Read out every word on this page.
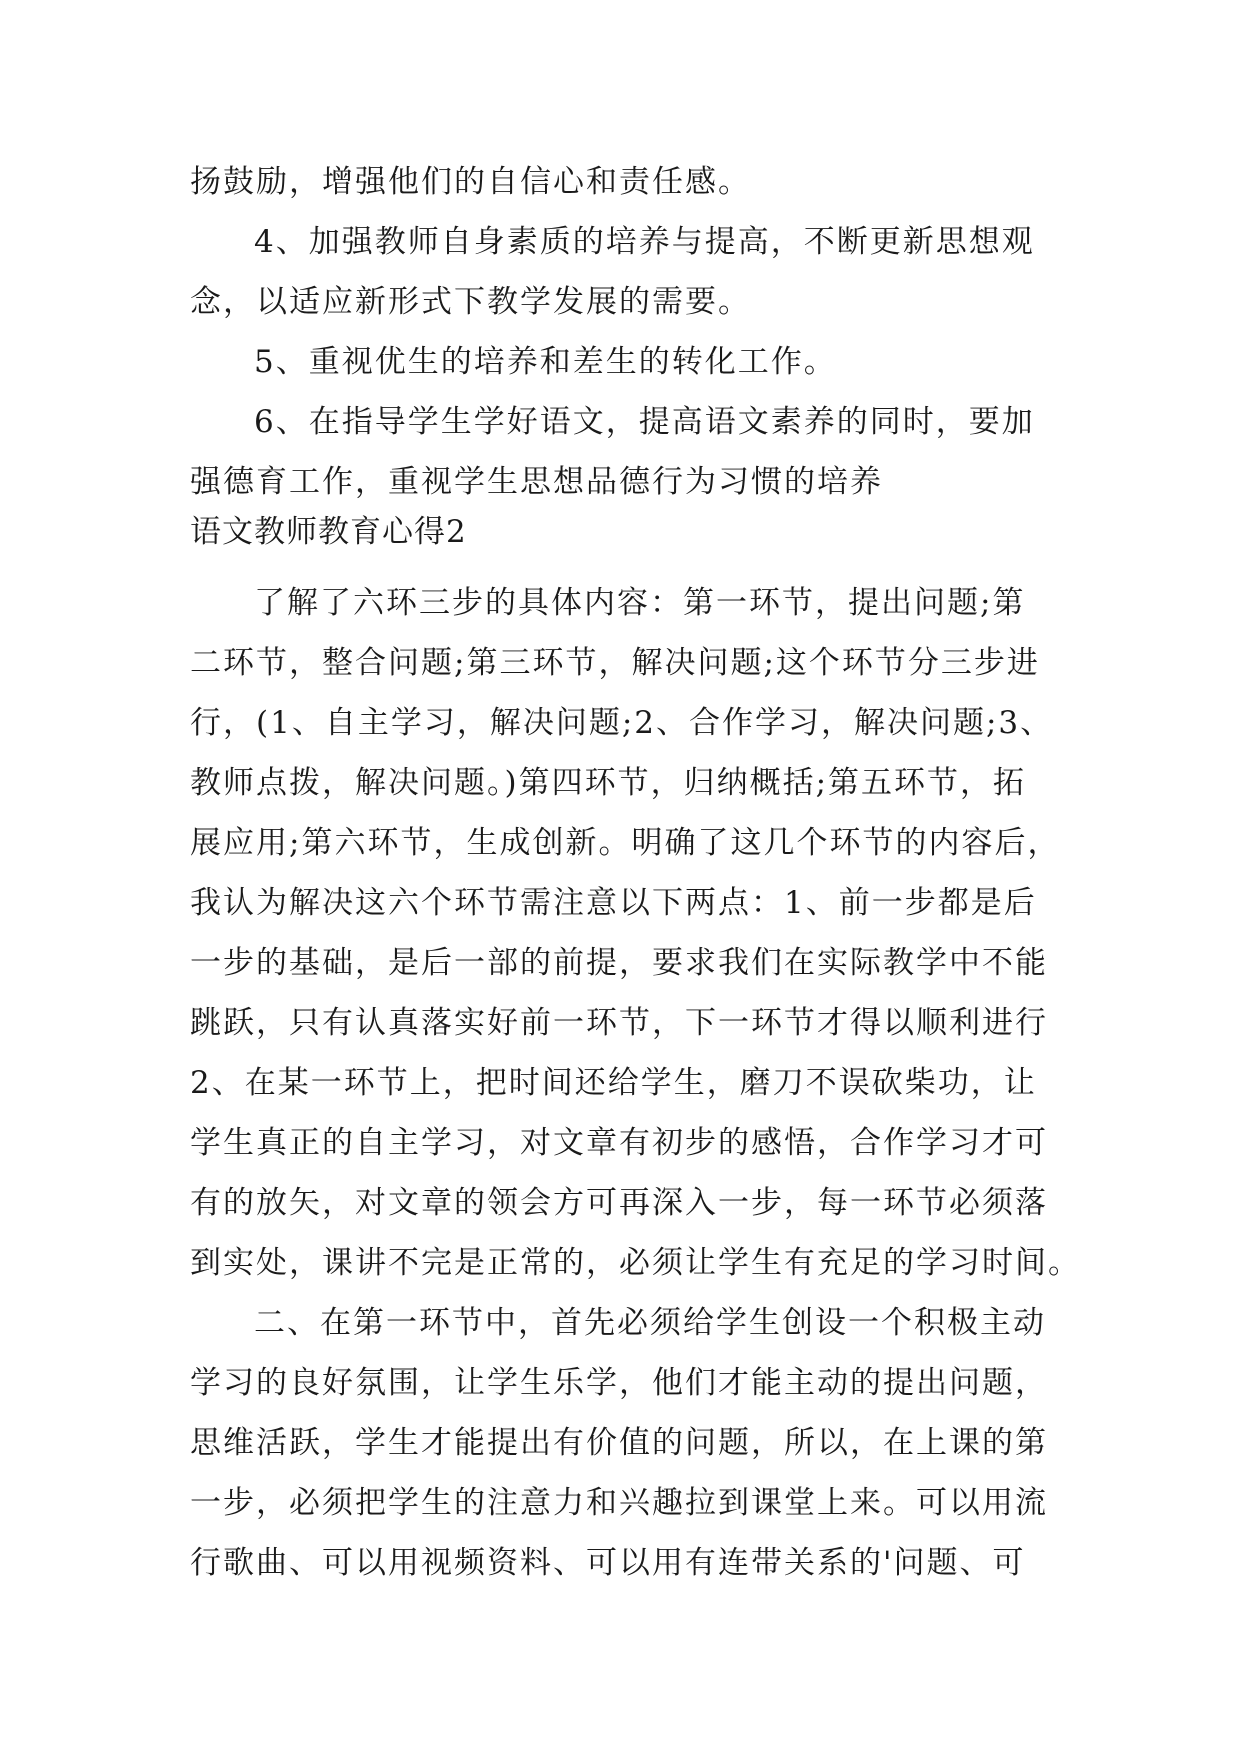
扬鼓励，增强他们的自信心和责任感。
4、加强教师自身素质的培养与提高，不断更新思想观
念，以适应新形式下教学发展的需要。
5、重视优生的培养和差生的转化工作。
6、在指导学生学好语文，提高语文素养的同时，要加
强德育工作，重视学生思想品德行为习惯的培养
语文教师教育心得2
了解了六环三步的具体内容：第一环节，提出问题;第
二环节，整合问题;第三环节，解决问题;这个环节分三步进
行，(1、自主学习，解决问题;2、合作学习，解决问题;3、
教师点拨，解决问题。)第四环节，归纳概括;第五环节，拓
展应用;第六环节，生成创新。明确了这几个环节的内容后，
我认为解决这六个环节需注意以下两点：1、前一步都是后
一步的基础，是后一部的前提，要求我们在实际教学中不能
跳跃，只有认真落实好前一环节，下一环节才得以顺利进行
2、在某一环节上，把时间还给学生，磨刀不误砍柴功，让
学生真正的自主学习，对文章有初步的感悟，合作学习才可
有的放矢，对文章的领会方可再深入一步，每一环节必须落
到实处，课讲不完是正常的，必须让学生有充足的学习时间。
二、在第一环节中，首先必须给学生创设一个积极主动
学习的良好氛围，让学生乐学，他们才能主动的提出问题，
思维活跃，学生才能提出有价值的问题，所以，在上课的第
一步，必须把学生的注意力和兴趣拉到课堂上来。可以用流
行歌曲、可以用视频资料、可以用有连带关系的'问题、可
